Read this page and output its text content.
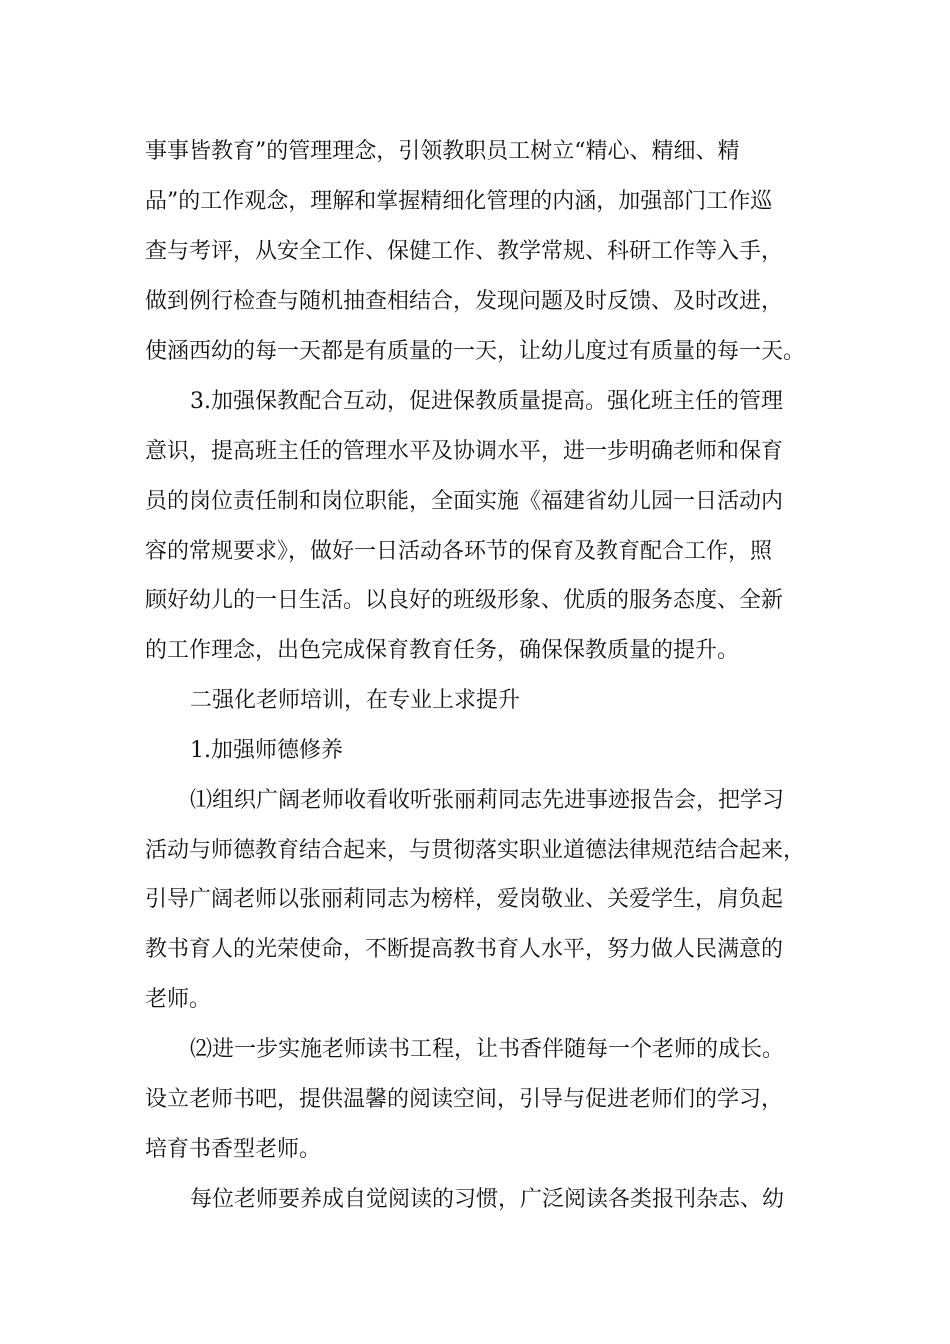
事事皆教育”的管理理念，引领教职员工树立“精心、精细、精
品”的工作观念，理解和掌握精细化管理的内涵，加强部门工作巡
查与考评，从安全工作、保健工作、教学常规、科研工作等入手，
做到例行检查与随机抽查相结合，发现问题及时反馈、及时改进，
使涵西幼的每一天都是有质量的一天，让幼儿度过有质量的每一天。
3.加强保教配合互动，促进保教质量提高。强化班主任的管理
意识，提高班主任的管理水平及协调水平，进一步明确老师和保育
员的岗位责任制和岗位职能，全面实施《福建省幼儿园一日活动内
容的常规要求》，做好一日活动各环节的保育及教育配合工作，照
顾好幼儿的一日生活。以良好的班级形象、优质的服务态度、全新
的工作理念，出色完成保育教育任务，确保保教质量的提升。
二强化老师培训，在专业上求提升
1.加强师德修养
⑴组织广阔老师收看收听张丽莉同志先进事迹报告会，把学习
活动与师德教育结合起来，与贯彻落实职业道德法律规范结合起来，
引导广阔老师以张丽莉同志为榜样，爱岗敬业、关爱学生，肩负起
教书育人的光荣使命，不断提高教书育人水平，努力做人民满意的
老师。
⑵进一步实施老师读书工程，让书香伴随每一个老师的成长。
设立老师书吧，提供温馨的阅读空间，引导与促进老师们的学习，
培育书香型老师。
每位老师要养成自觉阅读的习惯，广泛阅读各类报刊杂志、幼
